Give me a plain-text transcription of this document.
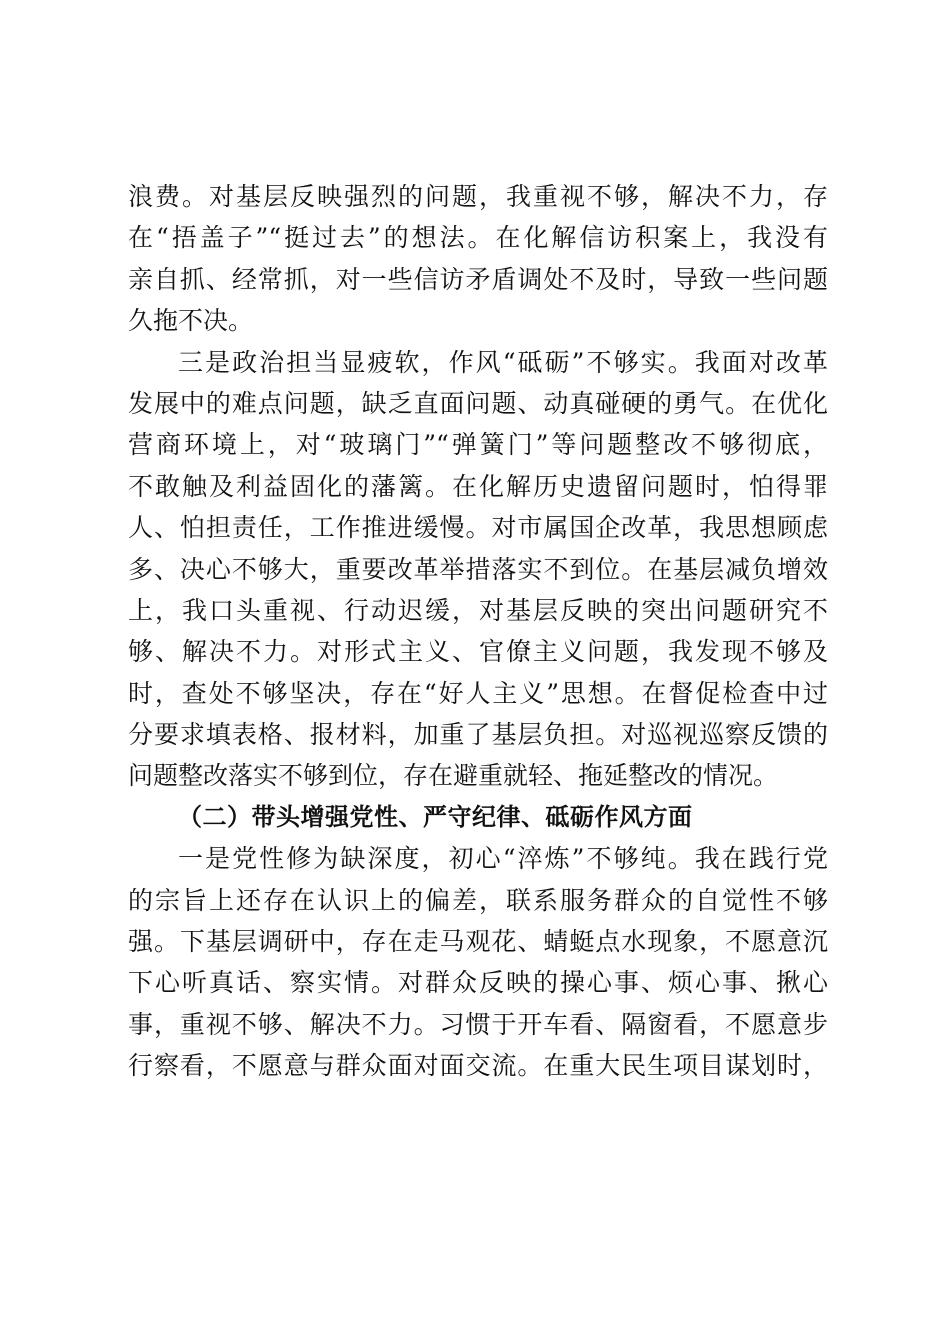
浪费。对基层反映强烈的问题，我重视不够，解决不力，存
在“捂盖子”“挺过去”的想法。在化解信访积案上，我没有
亲自抓、经常抓，对一些信访矛盾调处不及时，导致一些问题
久拖不决。
三是政治担当显疲软，作风“砥砺”不够实。我面对改革
发展中的难点问题，缺乏直面问题、动真碰硬的勇气。在优化
营商环境上，对“玻璃门”“弹簧门”等问题整改不够彻底，
不敢触及利益固化的藩篱。在化解历史遗留问题时，怕得罪
人、怕担责任，工作推进缓慢。对市属国企改革，我思想顾虑
多、决心不够大，重要改革举措落实不到位。在基层减负增效
上，我口头重视、行动迟缓，对基层反映的突出问题研究不
够、解决不力。对形式主义、官僚主义问题，我发现不够及
时，查处不够坚决，存在“好人主义”思想。在督促检查中过
分要求填表格、报材料，加重了基层负担。对巡视巡察反馈的
问题整改落实不够到位，存在避重就轻、拖延整改的情况。
（二）带头增强党性、严守纪律、砥砺作风方面
一是党性修为缺深度，初心“淬炼”不够纯。我在践行党
的宗旨上还存在认识上的偏差，联系服务群众的自觉性不够
强。下基层调研中，存在走马观花、蜻蜓点水现象，不愿意沉
下心听真话、察实情。对群众反映的操心事、烦心事、揪心
事，重视不够、解决不力。习惯于开车看、隔窗看，不愿意步
行察看，不愿意与群众面对面交流。在重大民生项目谋划时，
